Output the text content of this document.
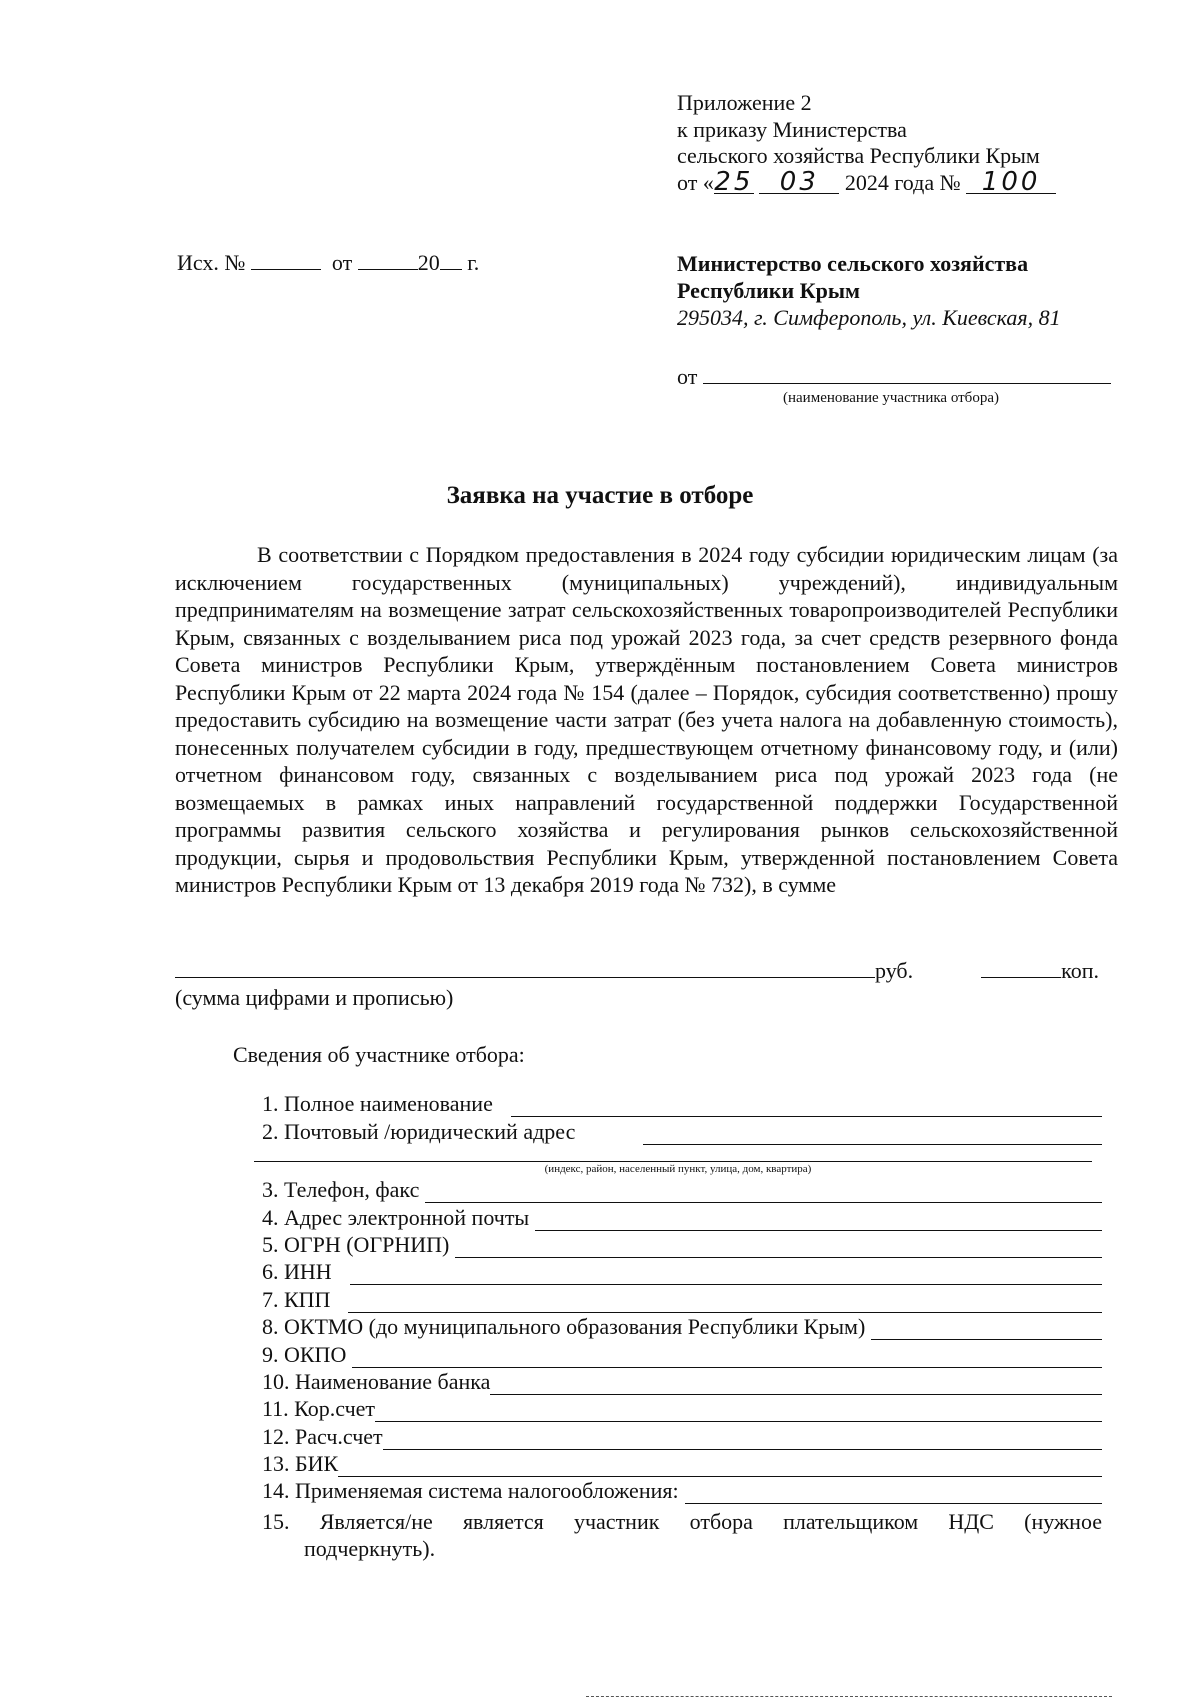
Приложение 2
к приказу Министерства
сельского хозяйства Республики Крым
от «25 03 2024 года № 100
Исх. №	от	20 г.	Министерство сельского хозяйства
Республики Крым
295034, г. Симферополь, ул. Киевская, 81
от
(наименование участника отбора)
Заявка на участие в отборе
В соответствии с Порядком предоставления в 2024 году субсидии юридическим лицам (за исключением государственных (муниципальных) учреждений), индивидуальным предпринимателям на возмещение затрат сельскохозяйственных товаропроизводителей Республики Крым, связанных с возделыванием риса под урожай 2023 года, за счет средств резервного фонда Совета министров Республики Крым, утверждённым постановлением Совета министров Республики Крым от 22 марта 2024 года № 154 (далее – Порядок, субсидия соответственно) прошу предоставить субсидию на возмещение части затрат (без учета налога на добавленную стоимость), понесенных получателем субсидии в году, предшествующем отчетному финансовому году, и (или) отчетном финансовом году, связанных с возделыванием риса под урожай 2023 года (не возмещаемых в рамках иных направлений государственной поддержки Государственной программы развития сельского хозяйства и регулирования рынков сельскохозяйственной продукции, сырья и продовольствия Республики Крым, утвержденной постановлением Совета министров Республики Крым от 13 декабря 2019 года № 732), в сумме
руб.	коп.
(сумма цифрами и прописью)
Сведения об участнике отбора:
1. Полное наименование
2. Почтовый /юридический адрес
(индекс, район, населенный пункт, улица, дом, квартира)
3. Телефон, факс
4. Адрес электронной почты
5. ОГРН (ОГРНИП)
6. ИНН
7. КПП
8. ОКТМО (до муниципального образования Республики Крым)
9. ОКПО
10. Наименование банка
11. Кор.счет
12. Расч.счет
13. БИК
14. Применяемая система налогообложения:
15. Является/не является участник отбора плательщиком НДС (нужное
подчеркнуть).
